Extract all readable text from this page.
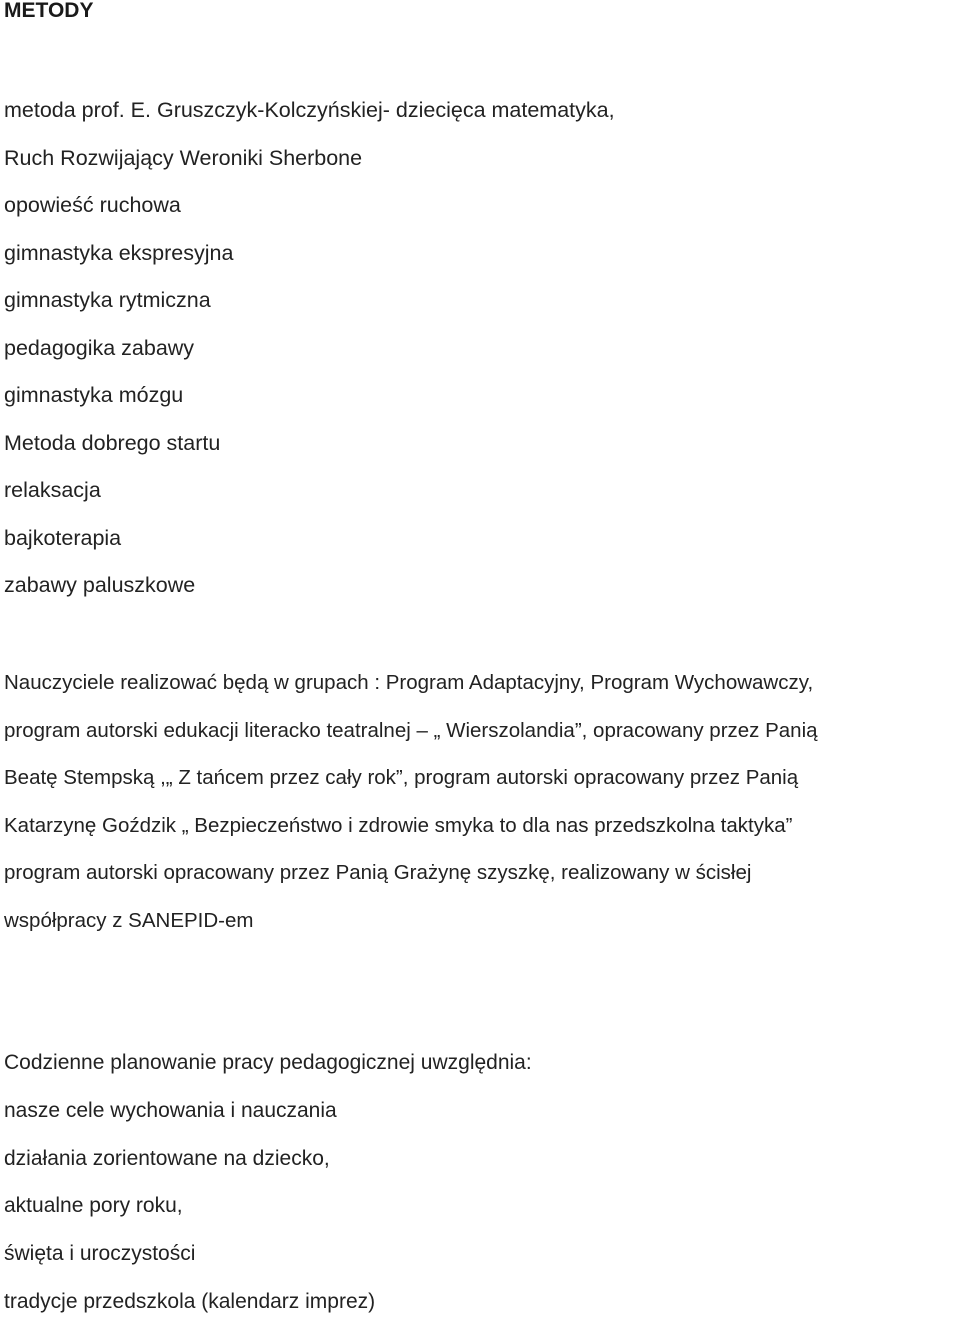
METODY
metoda prof. E. Gruszczyk-Kolczyńskiej- dziecięca matematyka,
Ruch Rozwijający Weroniki Sherbone
opowieść ruchowa
gimnastyka ekspresyjna
gimnastyka rytmiczna
pedagogika zabawy
gimnastyka mózgu
Metoda dobrego startu
relaksacja
bajkoterapia
zabawy paluszkowe
Nauczyciele realizować będą w grupach : Program Adaptacyjny, Program Wychowawczy,
program autorski edukacji literacko teatralnej – „ Wierszolandia”, opracowany przez Panią
Beatę Stempską ,„ Z tańcem przez cały rok”, program autorski opracowany przez Panią
Katarzynę Goździk „ Bezpieczeństwo i zdrowie smyka to dla nas przedszkolna taktyka”
program autorski opracowany przez Panią Grażynę szyszkę, realizowany w ścisłej
współpracy z SANEPID-em
Codzienne planowanie pracy pedagogicznej uwzględnia:
nasze cele wychowania i nauczania
działania zorientowane na dziecko,
aktualne pory roku,
święta i uroczystości
tradycje przedszkola (kalendarz imprez)
